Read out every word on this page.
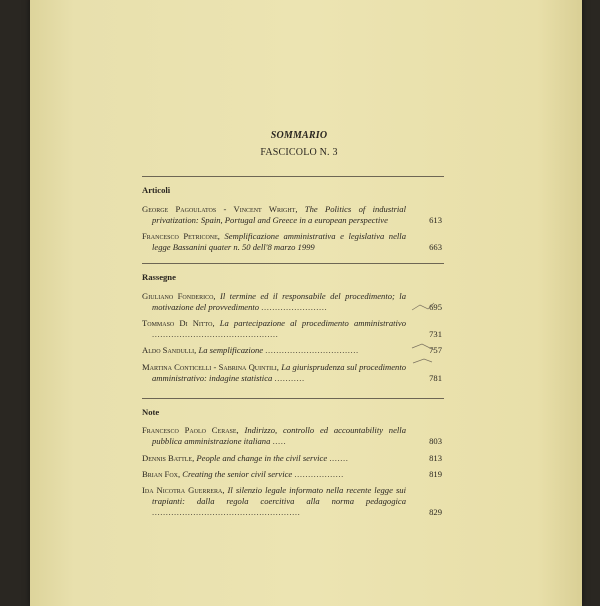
SOMMARIO
FASCICOLO N. 3
Articoli
George Pagoulatos - Vincent Wright, The Politics of industrial privatization: Spain, Portugal and Greece in a european perspective	613
Francesco Petricone, Semplificazione amministrativa e legislativa nella legge Bassanini quater n. 50 dell'8 marzo 1999	663
Rassegne
Giuliano Fonderico, Il termine ed il responsabile del procedimento; la motivazione del provvedimento ........................	695
Tommaso Di Nitto, La partecipazione al procedimento amministrativo ..............................................	731
Aldo Sandulli, La semplificazione ..................................	757
Martina Conticelli - Sabrina Quintili, La giurisprudenza sul procedimento amministrativo: indagine statistica ...........	781
Note
Francesco Paolo Cerase, Indirizzo, controllo ed accountability nella pubblica amministrazione italiana .....	803
Dennis Battle, People and change in the civil service .......	813
Brian Fox, Creating the senior civil service ..................	819
Ida Nicotra Guerrera, Il silenzio legale informato nella recente legge sui trapianti: dalla regola coercitiva alla norma pedagogica ......................................................	829
